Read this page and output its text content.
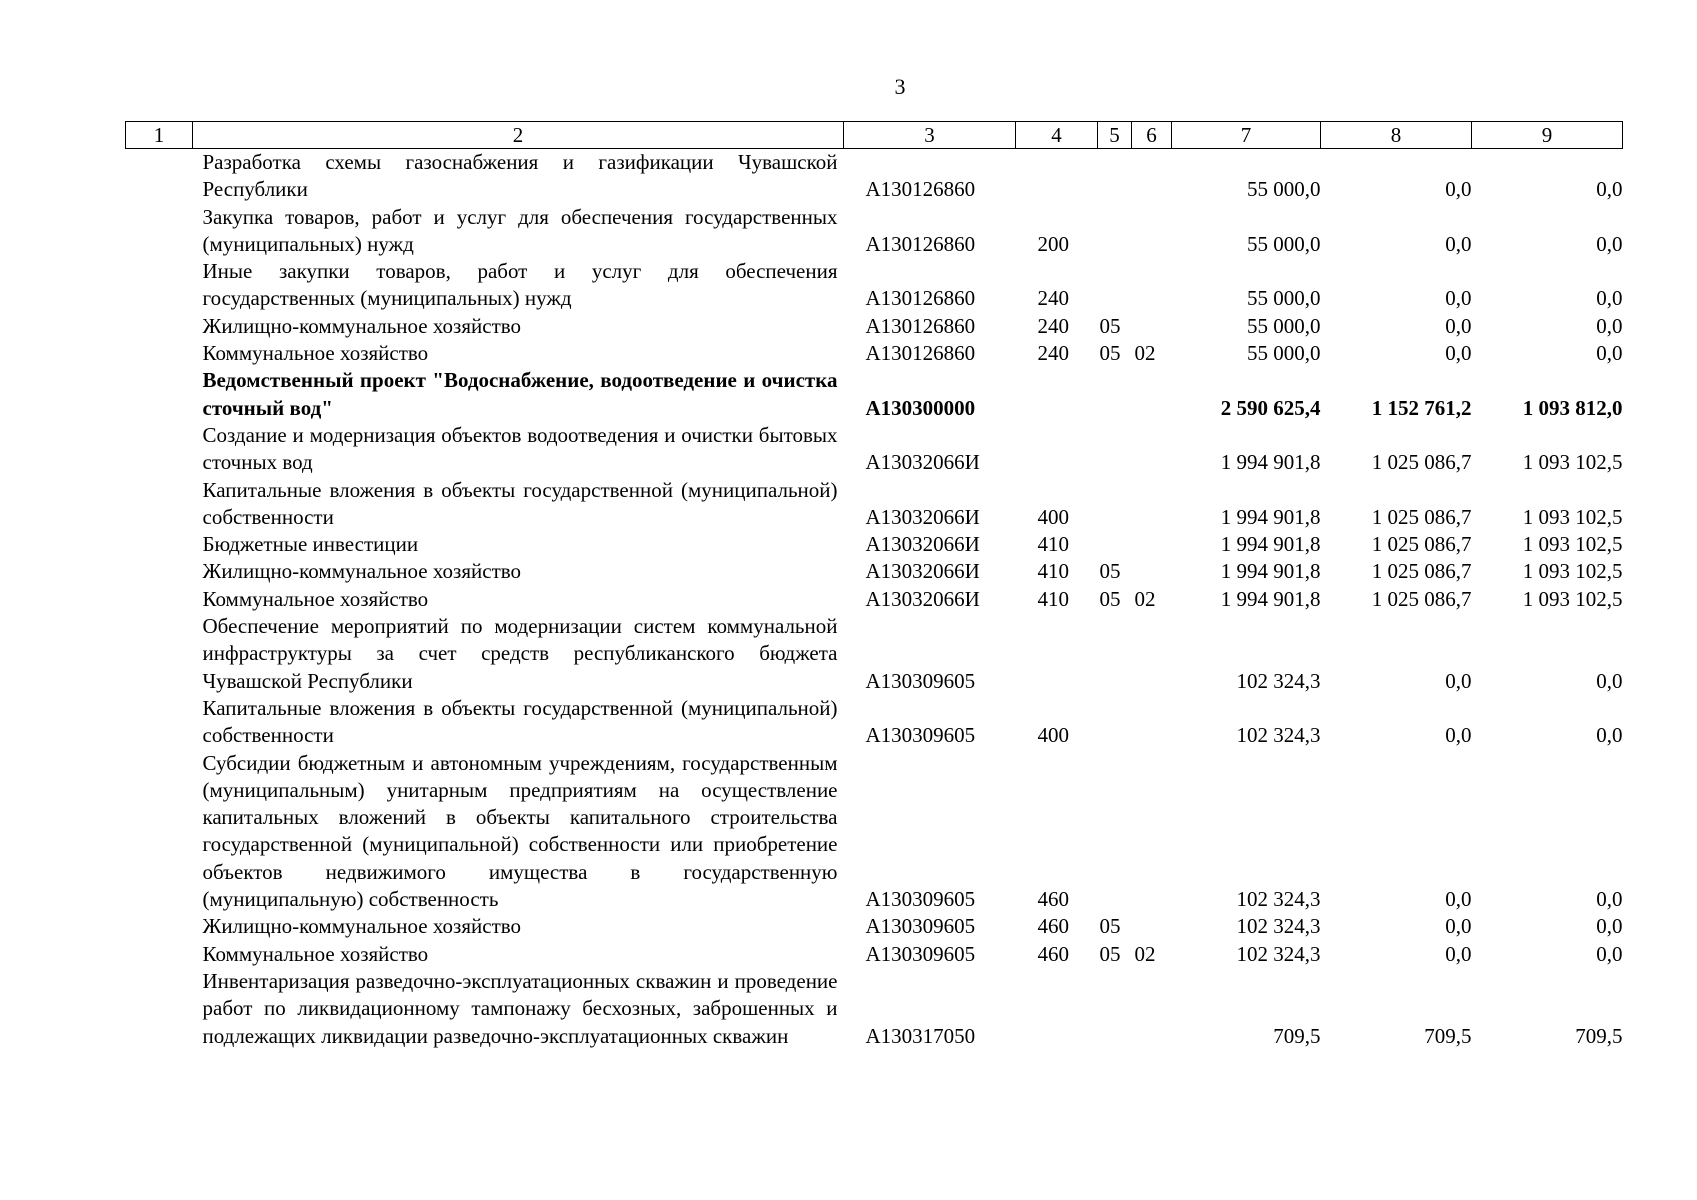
3
1	2	3	4	5	6	7	8	9
	Разработка схемы газоснабжения и газификации Чувашской Республики	А130126860				55 000,0	0,0	0,0
	Закупка товаров, работ и услуг для обеспечения государственных (муниципальных) нужд	А130126860	200			55 000,0	0,0	0,0
	Иные закупки товаров, работ и услуг для обеспечения государственных (муниципальных) нужд	А130126860	240			55 000,0	0,0	0,0
	Жилищно-коммунальное хозяйство	А130126860	240	05		55 000,0	0,0	0,0
	Коммунальное хозяйство	А130126860	240	05	02	55 000,0	0,0	0,0
	Ведомственный проект "Водоснабжение, водоотведение и очистка сточный вод"	А130300000				2 590 625,4	1 152 761,2	1 093 812,0
	Создание и модернизация объектов водоотведения и очистки бытовых сточных вод	А13032066И				1 994 901,8	1 025 086,7	1 093 102,5
	Капитальные вложения в объекты государственной (муниципальной) собственности	А13032066И	400			1 994 901,8	1 025 086,7	1 093 102,5
	Бюджетные инвестиции	А13032066И	410			1 994 901,8	1 025 086,7	1 093 102,5
	Жилищно-коммунальное хозяйство	А13032066И	410	05		1 994 901,8	1 025 086,7	1 093 102,5
	Коммунальное хозяйство	А13032066И	410	05	02	1 994 901,8	1 025 086,7	1 093 102,5
	Обеспечение мероприятий по модернизации систем коммунальной инфраструктуры за счет средств республиканского бюджета Чувашской Республики	А130309605				102 324,3	0,0	0,0
	Капитальные вложения в объекты государственной (муниципальной) собственности	А130309605	400			102 324,3	0,0	0,0
	Субсидии бюджетным и автономным учреждениям, государственным (муниципальным) унитарным предприятиям на осуществление капитальных вложений в объекты капитального строительства государственной (муниципальной) собственности или приобретение объектов недвижимого имущества в государственную (муниципальную) собственность	А130309605	460			102 324,3	0,0	0,0
	Жилищно-коммунальное хозяйство	А130309605	460	05		102 324,3	0,0	0,0
	Коммунальное хозяйство	А130309605	460	05	02	102 324,3	0,0	0,0
	Инвентаризация разведочно-эксплуатационных скважин и проведение работ по ликвидационному тампонажу бесхозных, заброшенных и подлежащих ликвидации разведочно-эксплуатационных скважин	А130317050				709,5	709,5	709,5
